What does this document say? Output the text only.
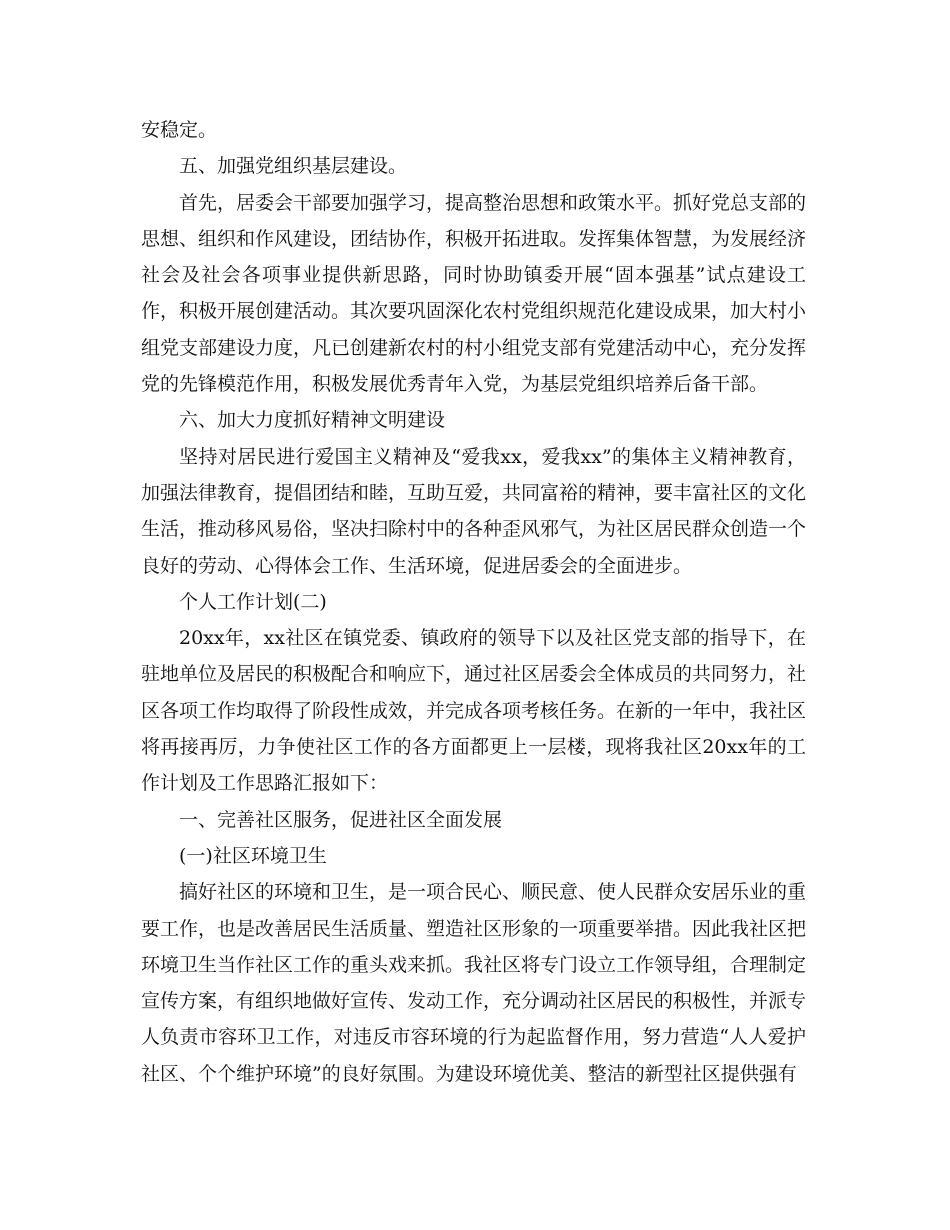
安稳定。

五、加强党组织基层建设。

首先，居委会干部要加强学习，提高整治思想和政策水平。抓好党总支部的思想、组织和作风建设，团结协作，积极开拓进取。发挥集体智慧，为发展经济社会及社会各项事业提供新思路，同时协助镇委开展“固本强基”试点建设工作，积极开展创建活动。其次要巩固深化农村党组织规范化建设成果，加大村小组党支部建设力度，凡已创建新农村的村小组党支部有党建活动中心，充分发挥党的先锋模范作用，积极发展优秀青年入党，为基层党组织培养后备干部。

六、加大力度抓好精神文明建设

坚持对居民进行爱国主义精神及“爱我xx，爱我xx”的集体主义精神教育，加强法律教育，提倡团结和睦，互助互爱，共同富裕的精神，要丰富社区的文化生活，推动移风易俗，坚决扫除村中的各种歪风邪气，为社区居民群众创造一个良好的劳动、心得体会工作、生活环境，促进居委会的全面进步。

个人工作计划(二)

20xx年，xx社区在镇党委、镇政府的领导下以及社区党支部的指导下，在驻地单位及居民的积极配合和响应下，通过社区居委会全体成员的共同努力，社区各项工作均取得了阶段性成效，并完成各项考核任务。在新的一年中，我社区将再接再厉，力争使社区工作的各方面都更上一层楼，现将我社区20xx年的工作计划及工作思路汇报如下：

一、完善社区服务，促进社区全面发展

(一)社区环境卫生

搞好社区的环境和卫生，是一项合民心、顺民意、使人民群众安居乐业的重要工作，也是改善居民生活质量、塑造社区形象的一项重要举措。因此我社区把环境卫生当作社区工作的重头戏来抓。我社区将专门设立工作领导组，合理制定宣传方案，有组织地做好宣传、发动工作，充分调动社区居民的积极性，并派专人负责市容环卫工作，对违反市容环境的行为起监督作用，努力营造“人人爱护社区、个个维护环境”的良好氛围。为建设环境优美、整洁的新型社区提供强有
